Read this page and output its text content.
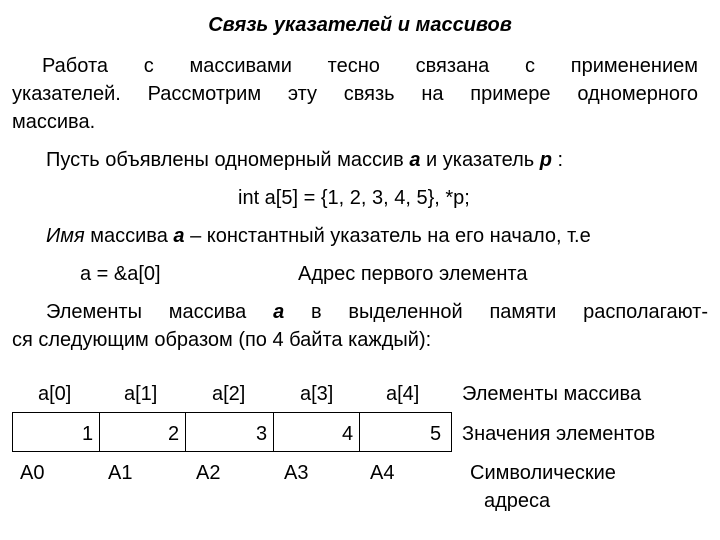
Связь указателей и массивов
Работа с массивами тесно связана с применением
указателей. Рассмотрим эту связь на примере одномерного
массива.
Пусть объявлены одномерный массив a и указатель p :
int a[5] = {1, 2, 3, 4, 5}, *p;
Имя массива a – константный указатель на его начало, т.е
a = &a[0]	Адрес первого элемента
Элементы массива a в выделенной памяти располагают-
ся следующим образом (по 4 байта каждый):
a[0]	a[1]	a[2]	a[3]	a[4] Элементы массива
1	2	3	4	5 Значения элементов
A0	A1	A2	A3	A4	Символические
адреса
